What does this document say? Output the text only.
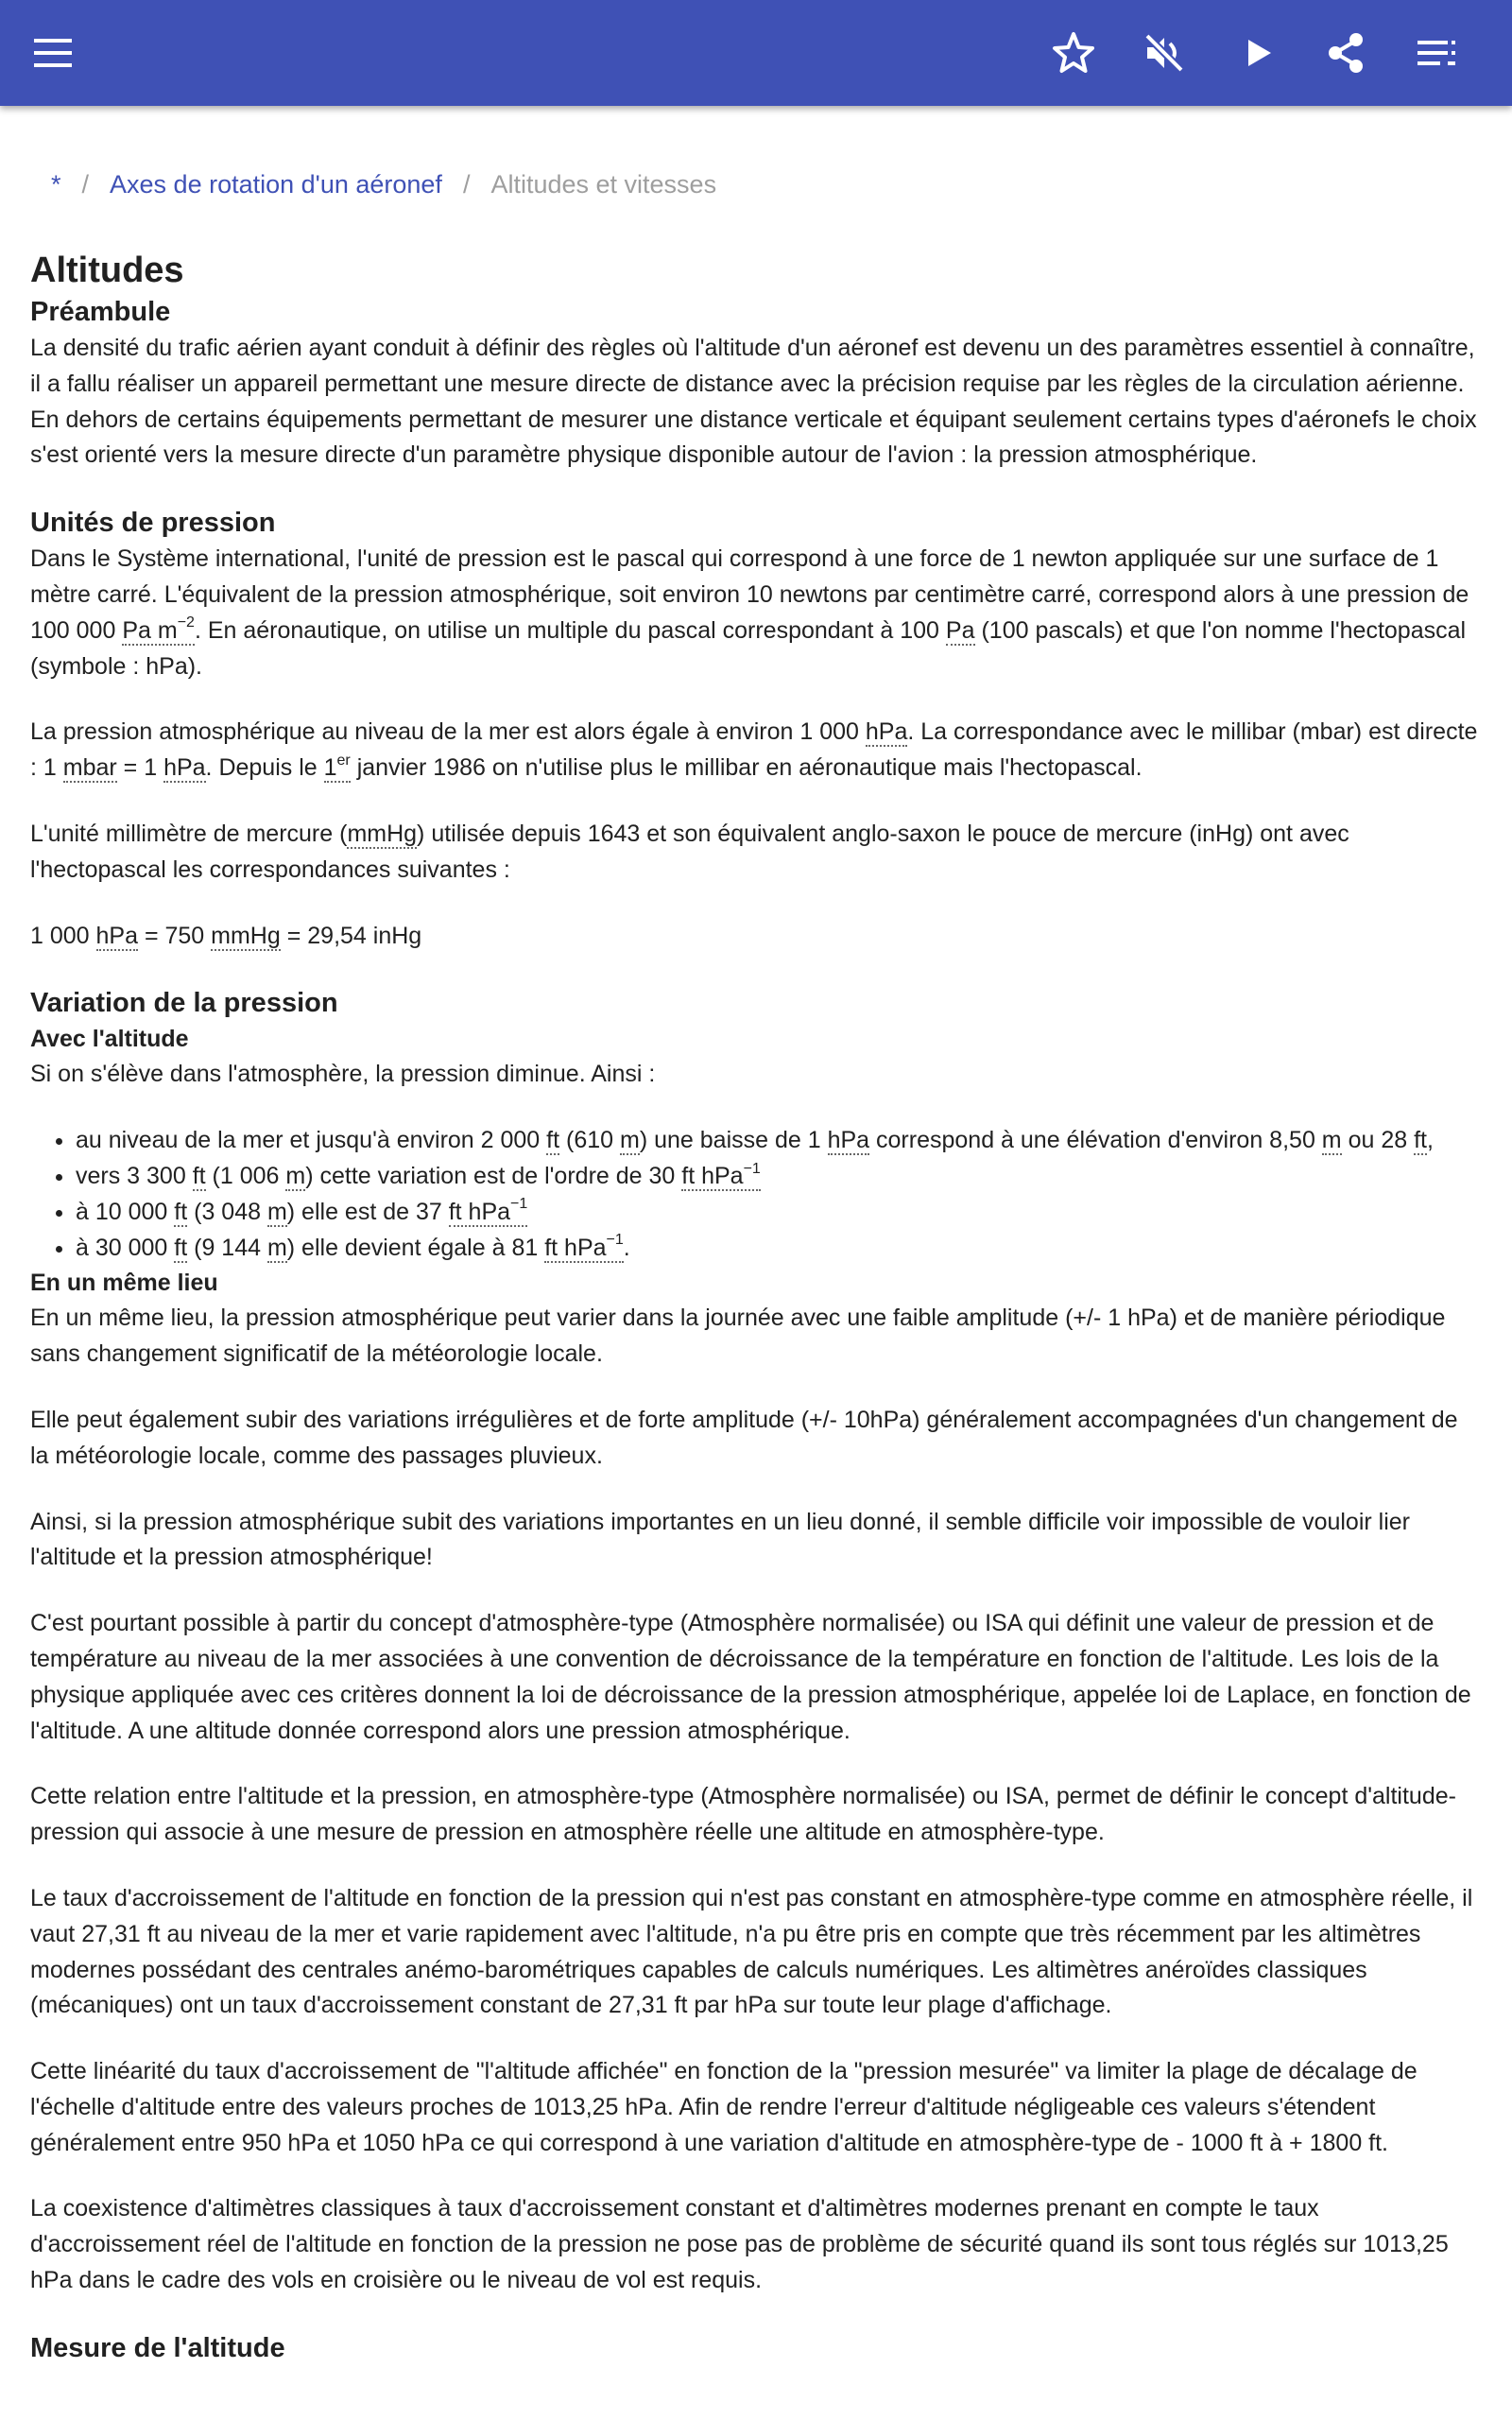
* / Axes de rotation d'un aéronef / Altitudes et vitesses
Altitudes
Préambule

La densité du trafic aérien ayant conduit à définir des règles où l'altitude d'un aéronef est devenu un des paramètres essentiel à connaître, il a fallu réaliser un appareil permettant une mesure directe de distance avec la précision requise par les règles de la circulation aérienne. En dehors de certains équipements permettant de mesurer une distance verticale et équipant seulement certains types d'aéronefs le choix s'est orienté vers la mesure directe d'un paramètre physique disponible autour de l'avion : la pression atmosphérique.

Unités de pression

Dans le Système international, l'unité de pression est le pascal qui correspond à une force de 1 newton appliquée sur une surface de 1 mètre carré. L'équivalent de la pression atmosphérique, soit environ 10 newtons par centimètre carré, correspond alors à une pression de 100 000 Pa $m^{-2}$. En aéronautique, on utilise un multiple du pascal correspondant à 100 Pa (100 pascals) et que l'on nomme l'hectopascal (symbole : hPa).

La pression atmosphérique au niveau de la mer est alors égale à environ 1 000 hPa. La correspondance avec le millibar (mbar) est directe : 1 mbar = 1 hPa. Depuis le 1er janvier 1986 on n'utilise plus le millibar en aéronautique mais l'hectopascal.

L'unité millimètre de mercure (mmHg) utilisée depuis 1643 et son équivalent anglo-saxon le pouce de mercure (inHg) ont avec l'hectopascal les correspondances suivantes :

1 000 hPa = 750 mmHg = 29,54 inHg

Variation de la pression
Avec l'altitude

Si on s'élève dans l'atmosphère, la pression diminue. Ainsi :

• au niveau de la mer et jusqu'à environ 2 000 ft (610 m) une baisse de 1 hPa correspond à une élévation d'environ 8,50 m ou 28 ft,
• vers 3 300 ft (1 006 m) cette variation est de l'ordre de 30 ft hPa$^{-1}$
• à 10 000 ft (3 048 m) elle est de 37 ft hPa$^{-1}$
• à 30 000 ft (9 144 m) elle devient égale à 81 ft hPa$^{-1}$.
En un même lieu

En un même lieu, la pression atmosphérique peut varier dans la journée avec une faible amplitude (+/- 1 hPa) et de manière périodique sans changement significatif de la météorologie locale.

Elle peut également subir des variations irrégulières et de forte amplitude (+/- 10hPa) généralement accompagnées d'un changement de la météorologie locale, comme des passages pluvieux.

Ainsi, si la pression atmosphérique subit des variations importantes en un lieu donné, il semble difficile voir impossible de vouloir lier l'altitude et la pression atmosphérique!

C'est pourtant possible à partir du concept d'atmosphère-type (Atmosphère normalisée) ou ISA qui définit une valeur de pression et de température au niveau de la mer associées à une convention de décroissance de la température en fonction de l'altitude. Les lois de la physique appliquée avec ces critères donnent la loi de décroissance de la pression atmosphérique, appelée loi de Laplace, en fonction de l'altitude. A une altitude donnée correspond alors une pression atmosphérique.

Cette relation entre l'altitude et la pression, en atmosphère-type (Atmosphère normalisée) ou ISA, permet de définir le concept d'altitude-pression qui associe à une mesure de pression en atmosphère réelle une altitude en atmosphère-type.

Le taux d'accroissement de l'altitude en fonction de la pression qui n'est pas constant en atmosphère-type comme en atmosphère réelle, il vaut 27,31 ft au niveau de la mer et varie rapidement avec l'altitude, n'a pu être pris en compte que très récemment par les altimètres modernes possédant des centrales anémo-barométriques capables de calculs numériques. Les altimètres anéroïdes classiques (mécaniques) ont un taux d'accroissement constant de 27,31 ft par hPa sur toute leur plage d'affichage.

Cette linéarité du taux d'accroissement de "l'altitude affichée" en fonction de la "pression mesurée" va limiter la plage de décalage de l'échelle d'altitude entre des valeurs proches de 1013,25 hPa. Afin de rendre l'erreur d'altitude négligeable ces valeurs s'étendent généralement entre 950 hPa et 1050 hPa ce qui correspond à une variation d'altitude en atmosphère-type de - 1000 ft à + 1800 ft.

La coexistence d'altimètres classiques à taux d'accroissement constant et d'altimètres modernes prenant en compte le taux d'accroissement réel de l'altitude en fonction de la pression ne pose pas de problème de sécurité quand ils sont tous réglés sur 1013,25 hPa dans le cadre des vols en croisière ou le niveau de vol est requis.

Mesure de l'altitude
